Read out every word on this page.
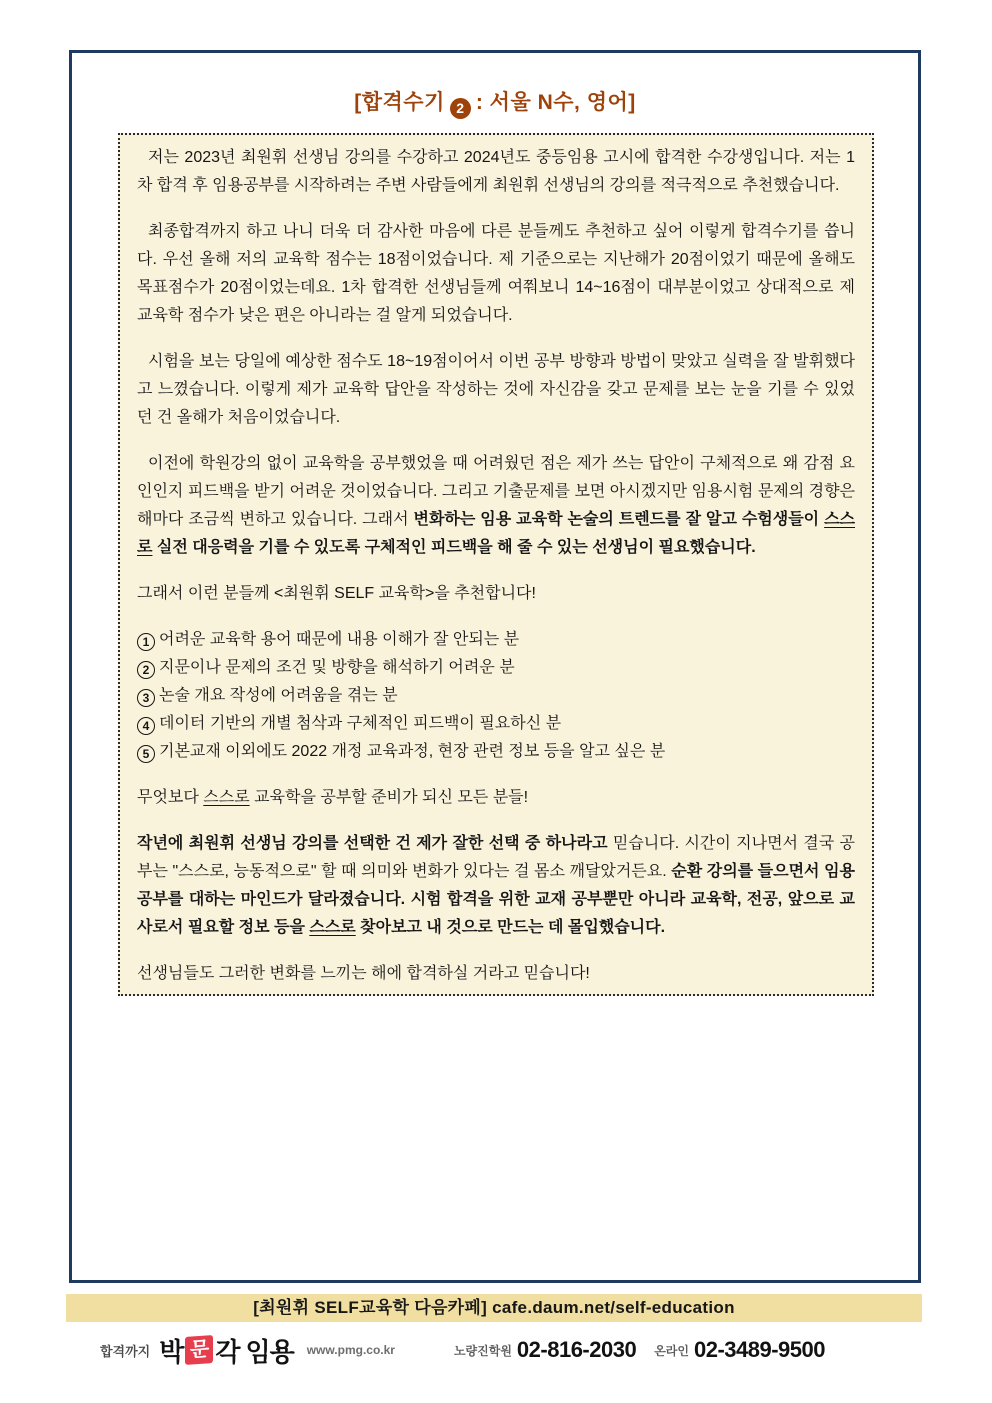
[합격수기 2 : 서울 N수, 영어]

저는 2023년 최원휘 선생님 강의를 수강하고 2024년도 중등임용 고시에 합격한 수강생입니다. 저는 1차 합격 후 임용공부를 시작하려는 주변 사람들에게 최원휘 선생님의 강의를 적극적으로 추천했습니다.

최종합격까지 하고 나니 더욱 더 감사한 마음에 다른 분들께도 추천하고 싶어 이렇게 합격수기를 씁니다. 우선 올해 저의 교육학 점수는 18점이었습니다. 제 기준으로는 지난해가 20점이었기 때문에 올해도 목표점수가 20점이었는데요. 1차 합격한 선생님들께 여쭤보니 14~16점이 대부분이었고 상대적으로 제 교육학 점수가 낮은 편은 아니라는 걸 알게 되었습니다.

시험을 보는 당일에 예상한 점수도 18~19점이어서 이번 공부 방향과 방법이 맞았고 실력을 잘 발휘했다고 느꼈습니다. 이렇게 제가 교육학 답안을 작성하는 것에 자신감을 갖고 문제를 보는 눈을 기를 수 있었던 건 올해가 처음이었습니다.

이전에 학원강의 없이 교육학을 공부했었을 때 어려웠던 점은 제가 쓰는 답안이 구체적으로 왜 감점 요인인지 피드백을 받기 어려운 것이었습니다. 그리고 기출문제를 보면 아시겠지만 임용시험 문제의 경향은 해마다 조금씩 변하고 있습니다. 그래서 변화하는 임용 교육학 논술의 트렌드를 잘 알고 수험생들이 스스로 실전 대응력을 기를 수 있도록 구체적인 피드백을 해 줄 수 있는 선생님이 필요했습니다.

그래서 이런 분들께 <최원휘 SELF 교육학>을 추천합니다!

1 어려운 교육학 용어 때문에 내용 이해가 잘 안되는 분
2 지문이나 문제의 조건 및 방향을 해석하기 어려운 분
3 논술 개요 작성에 어려움을 겪는 분
4 데이터 기반의 개별 첨삭과 구체적인 피드백이 필요하신 분
5 기본교재 이외에도 2022 개정 교육과정, 현장 관련 정보 등을 알고 싶은 분

무엇보다 스스로 교육학을 공부할 준비가 되신 모든 분들!

작년에 최원휘 선생님 강의를 선택한 건 제가 잘한 선택 중 하나라고 믿습니다. 시간이 지나면서 결국 공부는 "스스로, 능동적으로" 할 때 의미와 변화가 있다는 걸 몸소 깨달았거든요. 순환 강의를 들으면서 임용 공부를 대하는 마인드가 달라졌습니다. 시험 합격을 위한 교재 공부뿐만 아니라 교육학, 전공, 앞으로 교사로서 필요할 정보 등을 스스로 찾아보고 내 것으로 만드는 데 몰입했습니다.

선생님들도 그러한 변화를 느끼는 해에 합격하실 거라고 믿습니다!

[최원휘 SELF교육학 다음카페] cafe.daum.net/self-education
합격까지 박 문 각 임용 www.pmg.co.kr	노량진학원 02-816-2030 온라인 02-3489-9500
